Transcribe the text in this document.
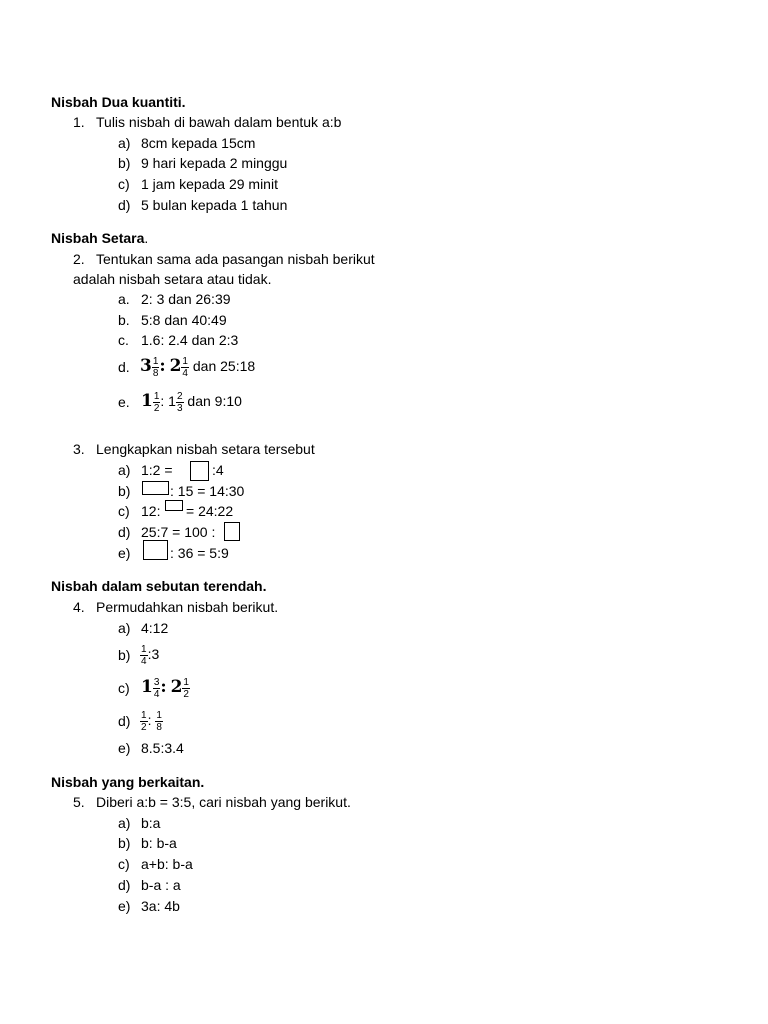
Nisbah Dua kuantiti.
1. Tulis nisbah di bawah dalam bentuk a:b
a) 8cm kepada 15cm
b) 9 hari kepada 2 minggu
c) 1 jam kepada 29 minit
d) 5 bulan kepada 1 tahun
Nisbah Setara.
2. Tentukan sama ada pasangan nisbah berikut
adalah nisbah setara atau tidak.
a. 2: 3 dan 26:39
b. 5:8 dan 40:49
c. 1.6: 2.4 dan 2:3
d. $3 \frac{1}{8}$ : $2 \frac{1}{4}$ dan 25:18
e. $1 \frac{1}{2}$ : $1 \frac{2}{3}$ dan 9:10
3. Lengkapkan nisbah setara tersebut
a) 1:2 =	:4
b)	: 15 = 14:30
c) 12: = 24:22
d) 25:7 = 100 :
e)	: 36 = 5:9
Nisbah dalam sebutan terendah.
4. Permudahkan nisbah berikut.
a) 4:12
$b) \frac{1}{4}$ :3
c) $1 \frac{3}{4}$ : $2 \frac{1}{2}$
$d) \frac{1}{2}$ : $\frac{1}{8}$
e) 8.5:3.4
Nisbah yang berkaitan.
5. Diberi a:b = 3:5, cari nisbah yang berikut.
a) b:a
b) b: b-a
c) a+b: b-a
d) b-a : a
e) 3a: 4b
